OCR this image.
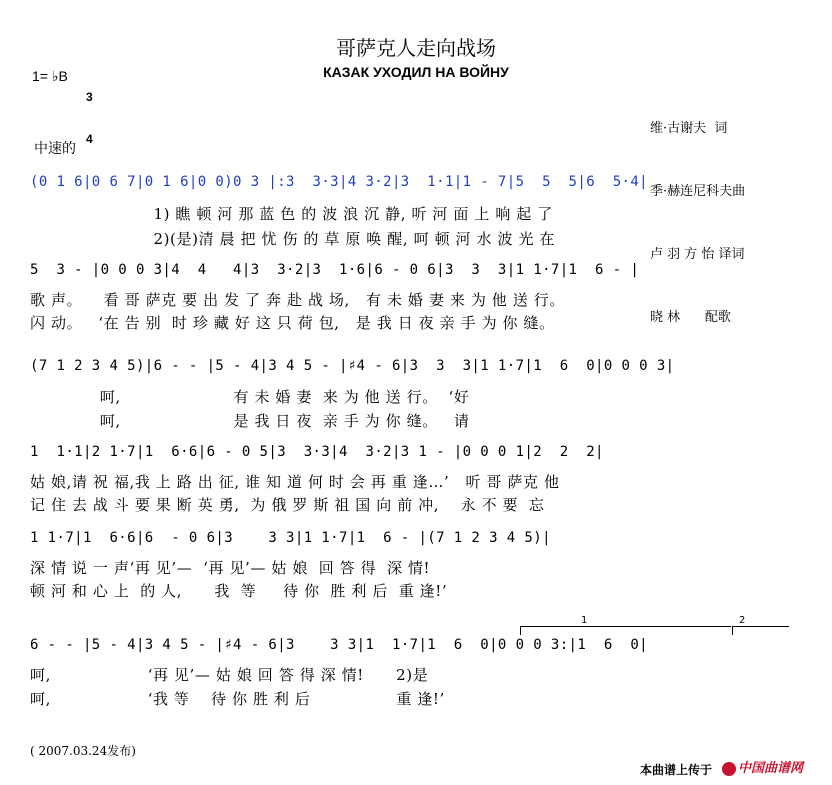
哥萨克人走向战场
КАЗАК УХОДИЛ НА ВОЙНУ
1= ♭B

3

4

中速的

维·古谢夫  词

季·赫连尼科夫曲

卢 羽 方 怡 译词

晓 林      配歌

(0 1 6|0 6 7|0 1 6|0 0)0 3 |:3  3·3|4 3·2|3  1·1|1 - 7|5  5  5|6  5·4|
1) 瞧 顿 河 那 蓝 色 的 波 浪 沉 静, 听 河 面 上 响 起 了
2)(是)清 晨 把 忧 伤 的 草 原 唤 醒, 呵 顿 河 水 波 光 在
5  3 - |0 0 0 3|4  4   4|3  3·2|3  1·6|6 - 0 6|3  3  3|1 1·7|1  6 - |
歌 声。    看 哥 萨克 要 出 发 了 奔 赴 战 场,   有 未 婚 妻 来 为 他 送 行。
闪 动。   ‘在 告 别  时 珍 藏 好 这 只 荷 包,   是 我 日 夜 亲 手 为 你 缝。
(7 1 2 3 4 5)|6 - - |5 - 4|3 4 5 - |♯4 - 6|3  3  3|1 1·7|1  6  0|0 0 0 3|
呵,                     有 未 婚 妻  来 为 他 送 行。  ‘好
呵,                     是 我 日 夜  亲 手 为 你 缝。   请
1  1·1|2 1·7|1  6·6|6 - 0 5|3  3·3|4  3·2|3 1 - |0 0 0 1|2  2  2|
姑 娘,请 祝 福,我 上 路 出 征, 谁 知 道 何 时 会 再 重 逢…’   听 哥 萨克 他
记 住 去 战 斗 要 果 断 英 勇,  为 俄 罗 斯 祖 国 向 前 冲,    永 不 要  忘
1 1·7|1  6·6|6  - 0 6|3    3 3|1 1·7|1  6 - |(7 1 2 3 4 5)|
深 情 说 一 声‘再 见’—  ‘再 见’— 姑 娘  回 答 得  深 情!
顿 河 和 心 上  的 人,      我  等     待 你  胜 利 后  重 逢!’
1	2
6 - - |5 - 4|3 4 5 - |♯4 - 6|3    3 3|1  1·7|1  6  0|0 0 0 3:|1  6  0|
呵,                  ‘再 见’— 姑 娘 回 答 得 深 情!      2)是
呵,                  ‘我 等    待 你 胜 利 后                重 逢!’
( 2007.03.24发布)
本曲谱上传于	中国曲谱网
